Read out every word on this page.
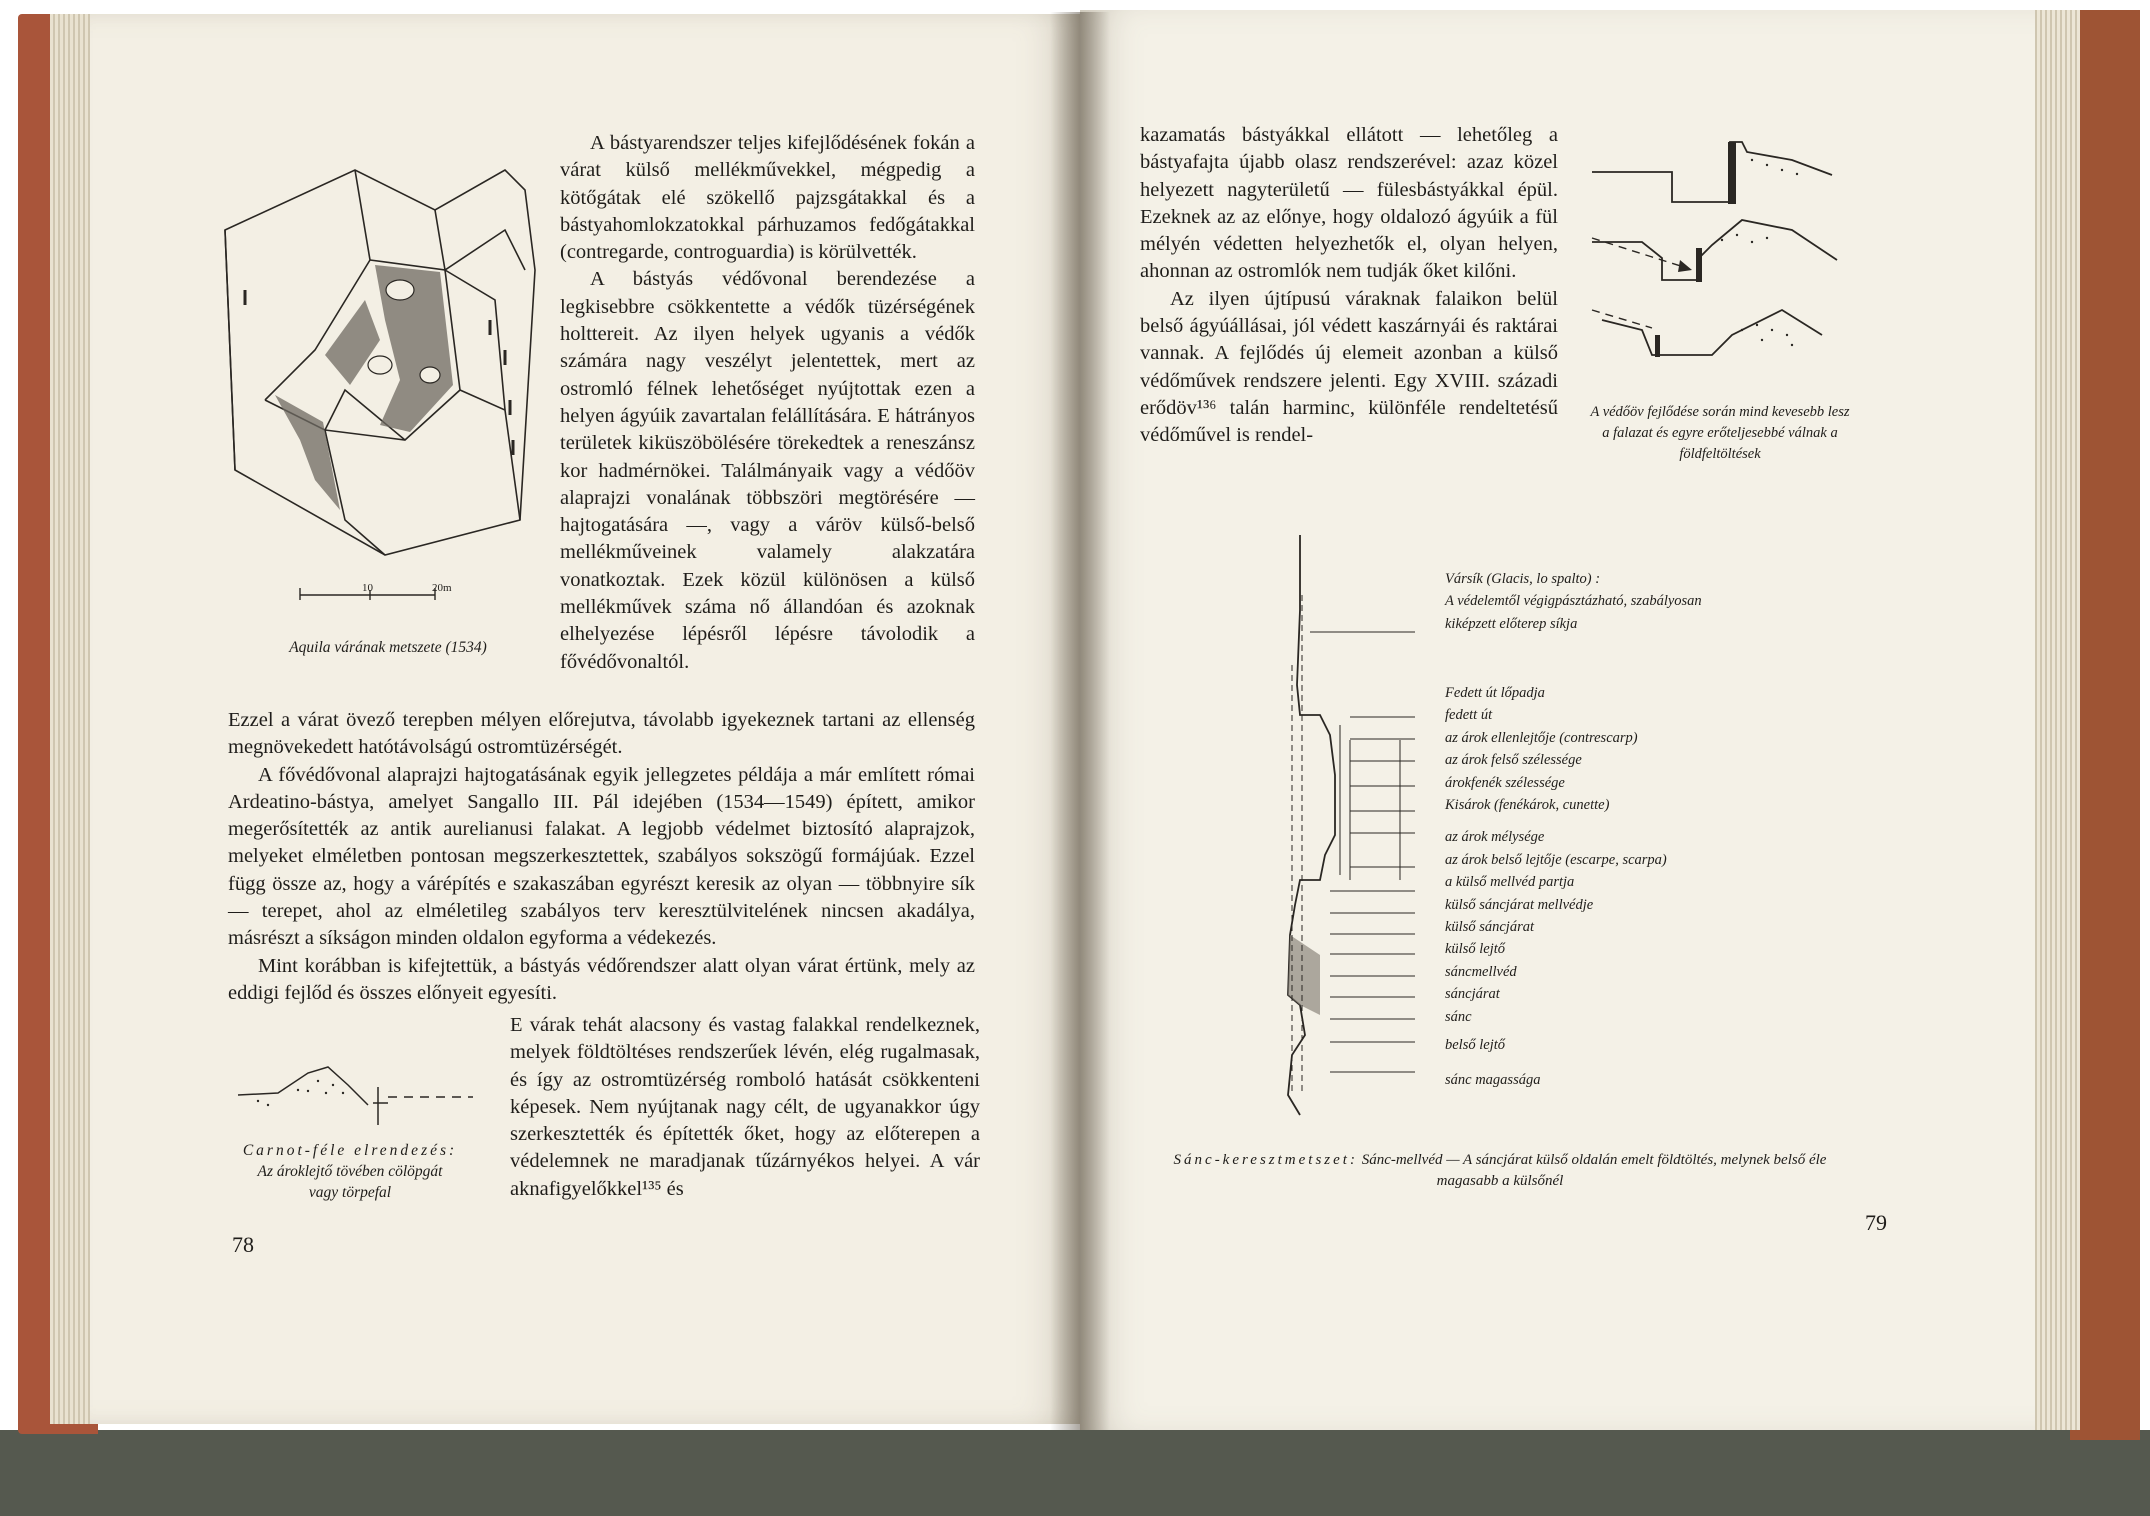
10	20m
Aquila várának metszete (1534)

A bástyarendszer teljes kifejlődésének fokán a várat külső mellékművekkel, mégpedig a kötőgátak elé szökellő pajzsgátakkal és a bástyahomlokzatokkal párhuzamos fedőgátakkal (contregarde, controguardia) is körülvették.

A bástyás védővonal berendezése a legkisebbre csökkentette a védők tüzérségének holttereit. Az ilyen helyek ugyanis a védők számára nagy veszélyt jelentettek, mert az ostromló félnek lehetőséget nyújtottak ezen a helyen ágyúik zavartalan felállítására. E hátrányos területek kiküszöbölésére törekedtek a reneszánsz kor hadmérnökei. Találmányaik vagy a védőöv alaprajzi vonalának többszöri megtörésére — hajtogatására —, vagy a váröv külső-belső mellékműveinek valamely alakzatára vonatkoztak. Ezek közül különösen a külső mellékművek száma nő állandóan és azoknak elhelyezése lépésről lépésre távolodik a fővédővonaltól.

Ezzel a várat övező terepben mélyen előrejutva, távolabb igyekeznek tartani az ellenség megnövekedett hatótávolságú ostromtüzérségét.

A fővédővonal alaprajzi hajtogatásának egyik jellegzetes példája a már említett római Ardeatino-bástya, amelyet Sangallo III. Pál idejében (1534—1549) épített, amikor megerősítették az antik aurelianusi falakat. A legjobb védelmet biztosító alaprajzok, melyeket elméletben pontosan megszerkesztettek, szabályos sokszögű formájúak. Ezzel függ össze az, hogy a várépítés e szakaszában egyrészt keresik az olyan — többnyire sík — terepet, ahol az elméletileg szabályos terv keresztülvitelének nincsen akadálya, másrészt a síkságon minden oldalon egyforma a védekezés.

Mint korábban is kifejtettük, a bástyás védőrendszer alatt olyan várat értünk, mely az eddigi fejlőd és összes előnyeit egyesíti.

Carnot-féle elrendezés:
Az ároklejtő tövében cölöpgát vagy törpefal

E várak tehát alacsony és vastag falakkal rendelkeznek, melyek földtöltéses rendszerűek lévén, elég rugalmasak, és így az ostromtüzérség romboló hatását csökkenteni képesek. Nem nyújtanak nagy célt, de ugyanakkor úgy szerkesztették és építették őket, hogy az előterepen a védelemnek ne maradjanak tűzárnyékos helyei. A vár aknafigyelőkkel¹³⁵ és

78

kazamatás bástyákkal ellátott — lehetőleg a bástyafajta újabb olasz rendszerével: azaz közel helyezett nagyterületű — fülesbástyákkal épül. Ezeknek az az előnye, hogy oldalozó ágyúik a fül mélyén védetten helyezhetők el, olyan helyen, ahonnan az ostromlók nem tudják őket kilőni.

Az ilyen újtípusú váraknak falaikon belül belső ágyúállásai, jól védett kaszárnyái és raktárai vannak. A fejlődés új elemeit azonban a külső védőművek rendszere jelenti. Egy XVIII. századi erődöv¹³⁶ talán harminc, különféle rendeltetésű védőművel is rendel-

A védőöv fejlődése során mind kevesebb lesz a falazat és egyre erőteljesebbé válnak a földfeltöltések
Vársík (Glacis, lo spalto) :
A védelemtől végigpásztázható, szabályosan kiképzett előterep síkja
Fedett út lőpadja
fedett út
az árok ellenlejtője (contrescarp)
az árok felső szélessége
árokfenék szélessége
Kisárok (fenékárok, cunette)
az árok mélysége
az árok belső lejtője (escarpe, scarpa)
a külső mellvéd partja
külső sáncjárat mellvédje
külső sáncjárat
külső lejtő
sáncmellvéd
sáncjárat
sánc
belső lejtő
sánc magassága
Sánc-keresztmetszet: Sánc-mellvéd — A sáncjárat külső oldalán emelt földtöltés, melynek belső éle magasabb a külsőnél
79
